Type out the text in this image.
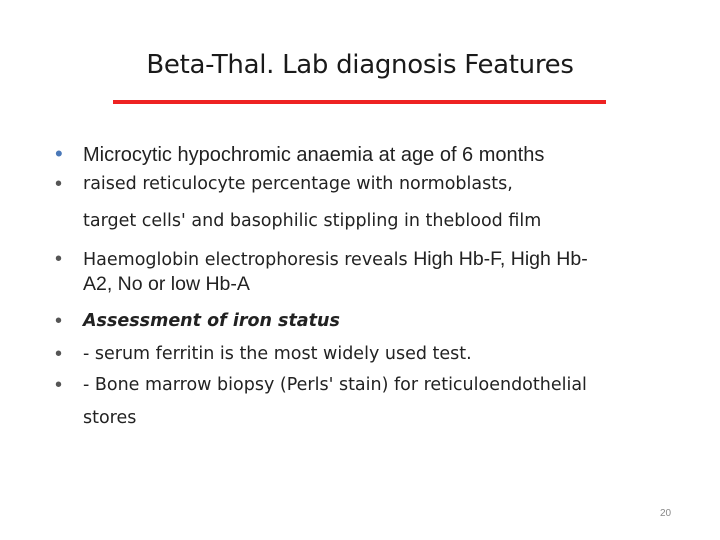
Beta-Thal. Lab diagnosis Features
• Microcytic hypochromic anaemia at age of 6 months
• raised reticulocyte percentage with normoblasts,
target cells' and basophilic stippling in theblood film
• Haemoglobin electrophoresis reveals High Hb-F, High Hb-
A2, No or low Hb-A
• Assessment of iron status
• - serum ferritin is the most widely used test.
• - Bone marrow biopsy (Perls' stain) for reticuloendothelial
stores
20
